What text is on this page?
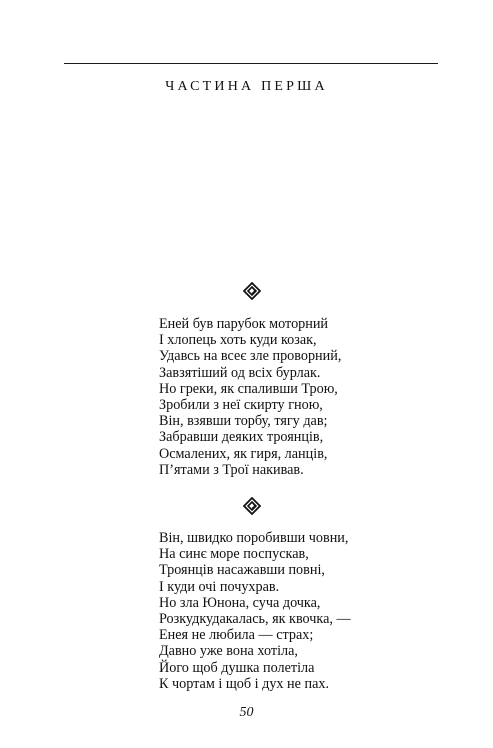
ЧАСТИНА ПЕРША
Еней був парубок моторний
І хлопець хоть куди козак,
Удавсь на всеє зле проворний,
Завзятіший од всіх бурлак.
Но греки, як спаливши Трою,
Зробили з неї скирту гною,
Він, взявши торбу, тягу дав;
Забравши деяких троянців,
Осмалених, як гиря, ланців,
П’ятами з Трої накивав.
Він, швидко поробивши човни,
На синє море поспускав,
Троянців насажавши повні,
І куди очі почухрав.
Но зла Юнона, суча дочка,
Розкудкудакалась, як квочка, —
Енея не любила — страх;
Давно уже вона хотіла,
Його щоб душка полетіла
К чортам і щоб і дух не пах.
50
